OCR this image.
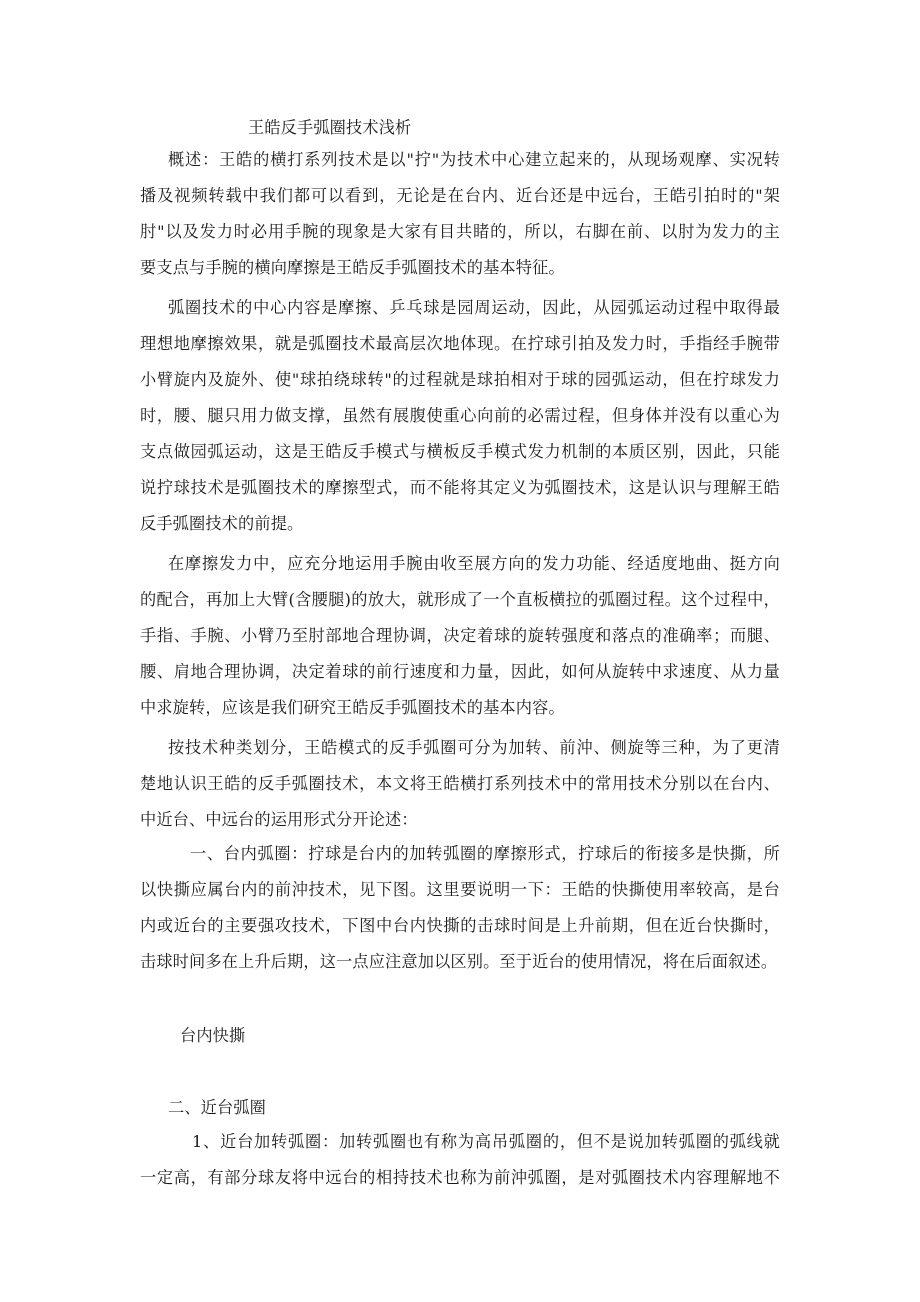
王皓反手弧圈技术浅析
概述：王皓的横打系列技术是以"拧"为技术中心建立起来的，从现场观摩、实况转
播及视频转载中我们都可以看到，无论是在台内、近台还是中远台，王皓引拍时的"架
肘"以及发力时必用手腕的现象是大家有目共睹的，所以，右脚在前、以肘为发力的主
要支点与手腕的横向摩擦是王皓反手弧圈技术的基本特征。
弧圈技术的中心内容是摩擦、乒乓球是园周运动，因此，从园弧运动过程中取得最
理想地摩擦效果，就是弧圈技术最高层次地体现。在拧球引拍及发力时，手指经手腕带
小臂旋内及旋外、使"球拍绕球转"的过程就是球拍相对于球的园弧运动，但在拧球发力
时，腰、腿只用力做支撑，虽然有展腹使重心向前的必需过程，但身体并没有以重心为
支点做园弧运动，这是王皓反手模式与横板反手模式发力机制的本质区别，因此，只能
说拧球技术是弧圈技术的摩擦型式，而不能将其定义为弧圈技术，这是认识与理解王皓
反手弧圈技术的前提。
在摩擦发力中，应充分地运用手腕由收至展方向的发力功能、经适度地曲、挺方向
的配合，再加上大臂(含腰腿)的放大，就形成了一个直板横拉的弧圈过程。这个过程中，
手指、手腕、小臂乃至肘部地合理协调，决定着球的旋转强度和落点的准确率；而腿、
腰、肩地合理协调，决定着球的前行速度和力量，因此，如何从旋转中求速度、从力量
中求旋转，应该是我们研究王皓反手弧圈技术的基本内容。
按技术种类划分，王皓模式的反手弧圈可分为加转、前沖、侧旋等三种，为了更清
楚地认识王皓的反手弧圈技术，本文将王皓横打系列技术中的常用技术分别以在台内、
中近台、中远台的运用形式分开论述：
一、台内弧圈：拧球是台内的加转弧圈的摩擦形式，拧球后的衔接多是快撕，所
以快撕应属台内的前沖技术，见下图。这里要说明一下：王皓的快撕使用率较高，是台
内或近台的主要强攻技术，下图中台内快撕的击球时间是上升前期，但在近台快撕时，
击球时间多在上升后期，这一点应注意加以区别。至于近台的使用情况，将在后面叙述。
台内快撕
二、近台弧圈
1、近台加转弧圈：加转弧圈也有称为高吊弧圈的，但不是说加转弧圈的弧线就
一定高，有部分球友将中远台的相持技术也称为前沖弧圈，是对弧圈技术内容理解地不
